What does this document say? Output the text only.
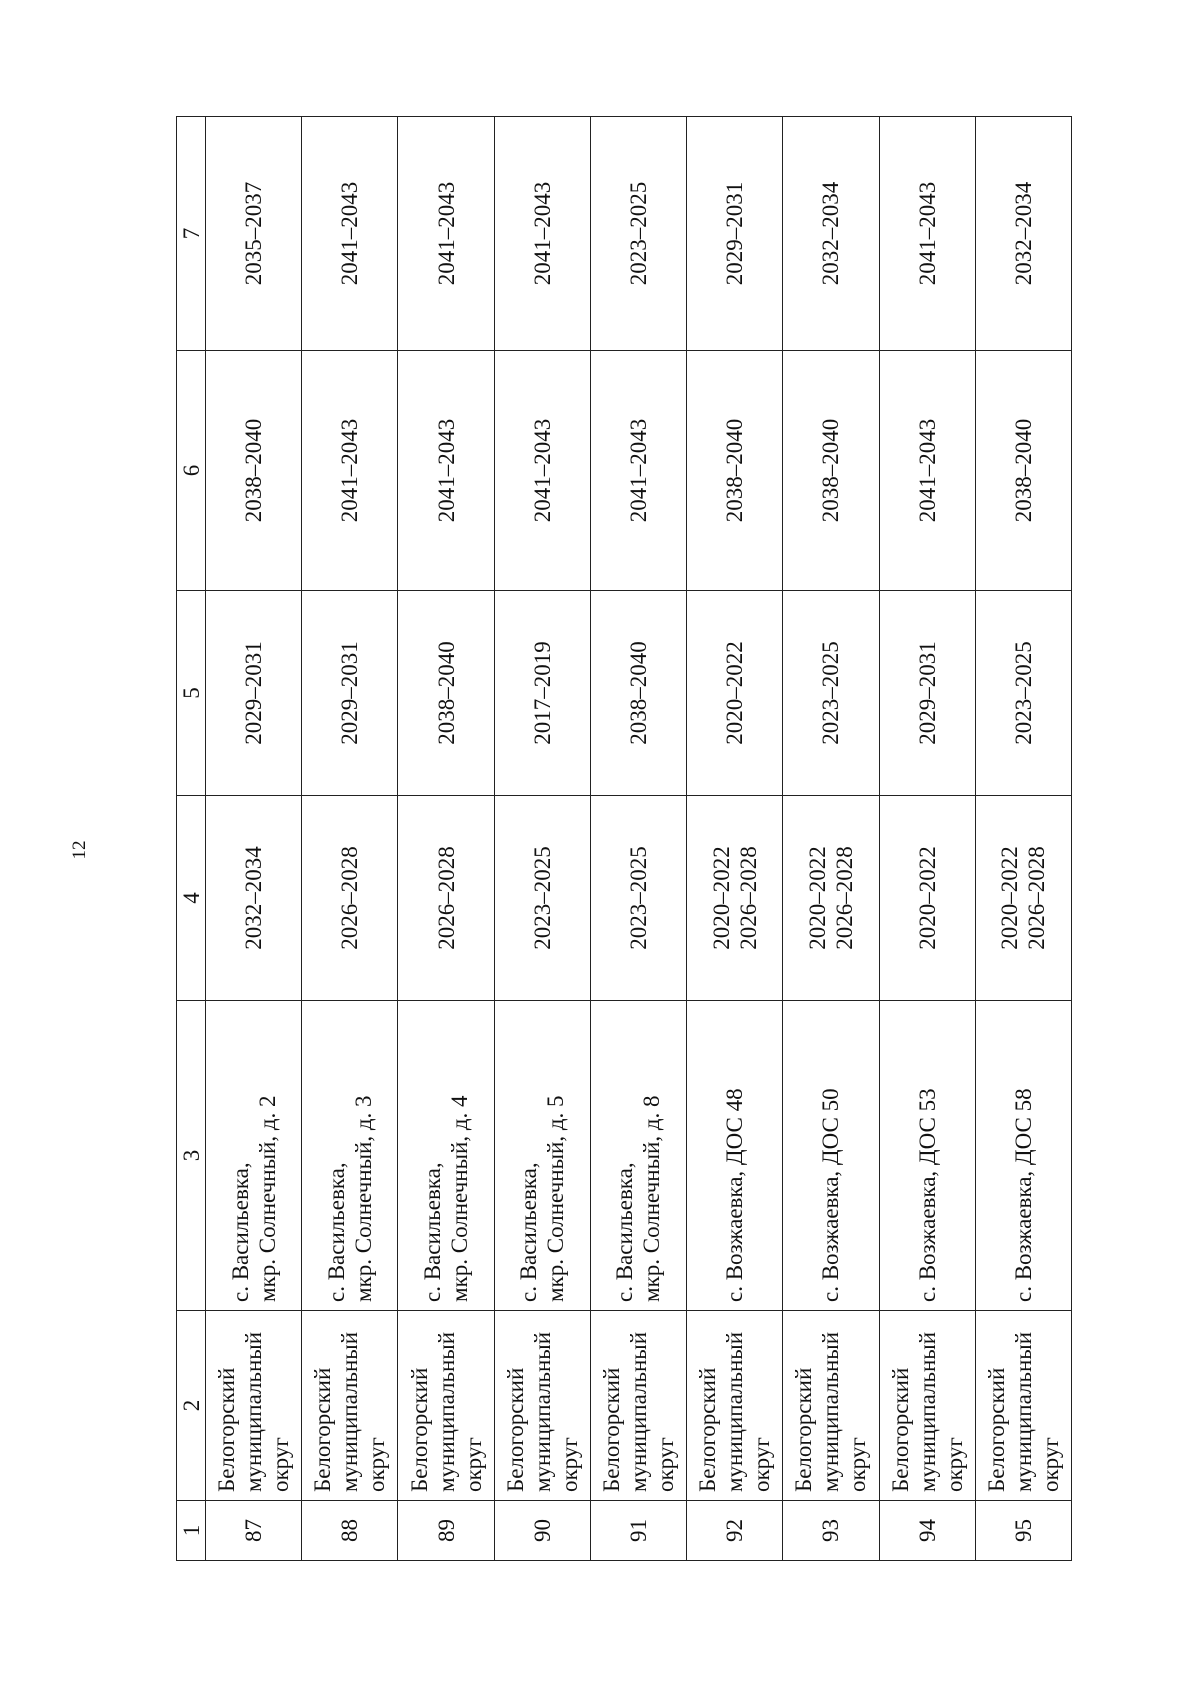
12
1	2	3	4	5	6	7
87	Белогорский муниципальный округ	с. Васильевка, мкр. Солнечный, д. 2	2032–2034	2029–2031	2038–2040	2035–2037
88	Белогорский муниципальный округ	с. Васильевка, мкр. Солнечный, д. 3	2026–2028	2029–2031	2041–2043	2041–2043
89	Белогорский муниципальный округ	с. Васильевка, мкр. Солнечный, д. 4	2026–2028	2038–2040	2041–2043	2041–2043
90	Белогорский муниципальный округ	с. Васильевка, мкр. Солнечный, д. 5	2023–2025	2017–2019	2041–2043	2041–2043
91	Белогорский муниципальный округ	с. Васильевка, мкр. Солнечный, д. 8	2023–2025	2038–2040	2041–2043	2023–2025
92	Белогорский муниципальный округ	с. Возжаевка, ДОС 48	2020–2022 2026–2028	2020–2022	2038–2040	2029–2031
93	Белогорский муниципальный округ	с. Возжаевка, ДОС 50	2020–2022 2026–2028	2023–2025	2038–2040	2032–2034
94	Белогорский муниципальный округ	с. Возжаевка, ДОС 53	2020–2022	2029–2031	2041–2043	2041–2043
95	Белогорский муниципальный округ	с. Возжаевка, ДОС 58	2020–2022 2026–2028	2023–2025	2038–2040	2032–2034
